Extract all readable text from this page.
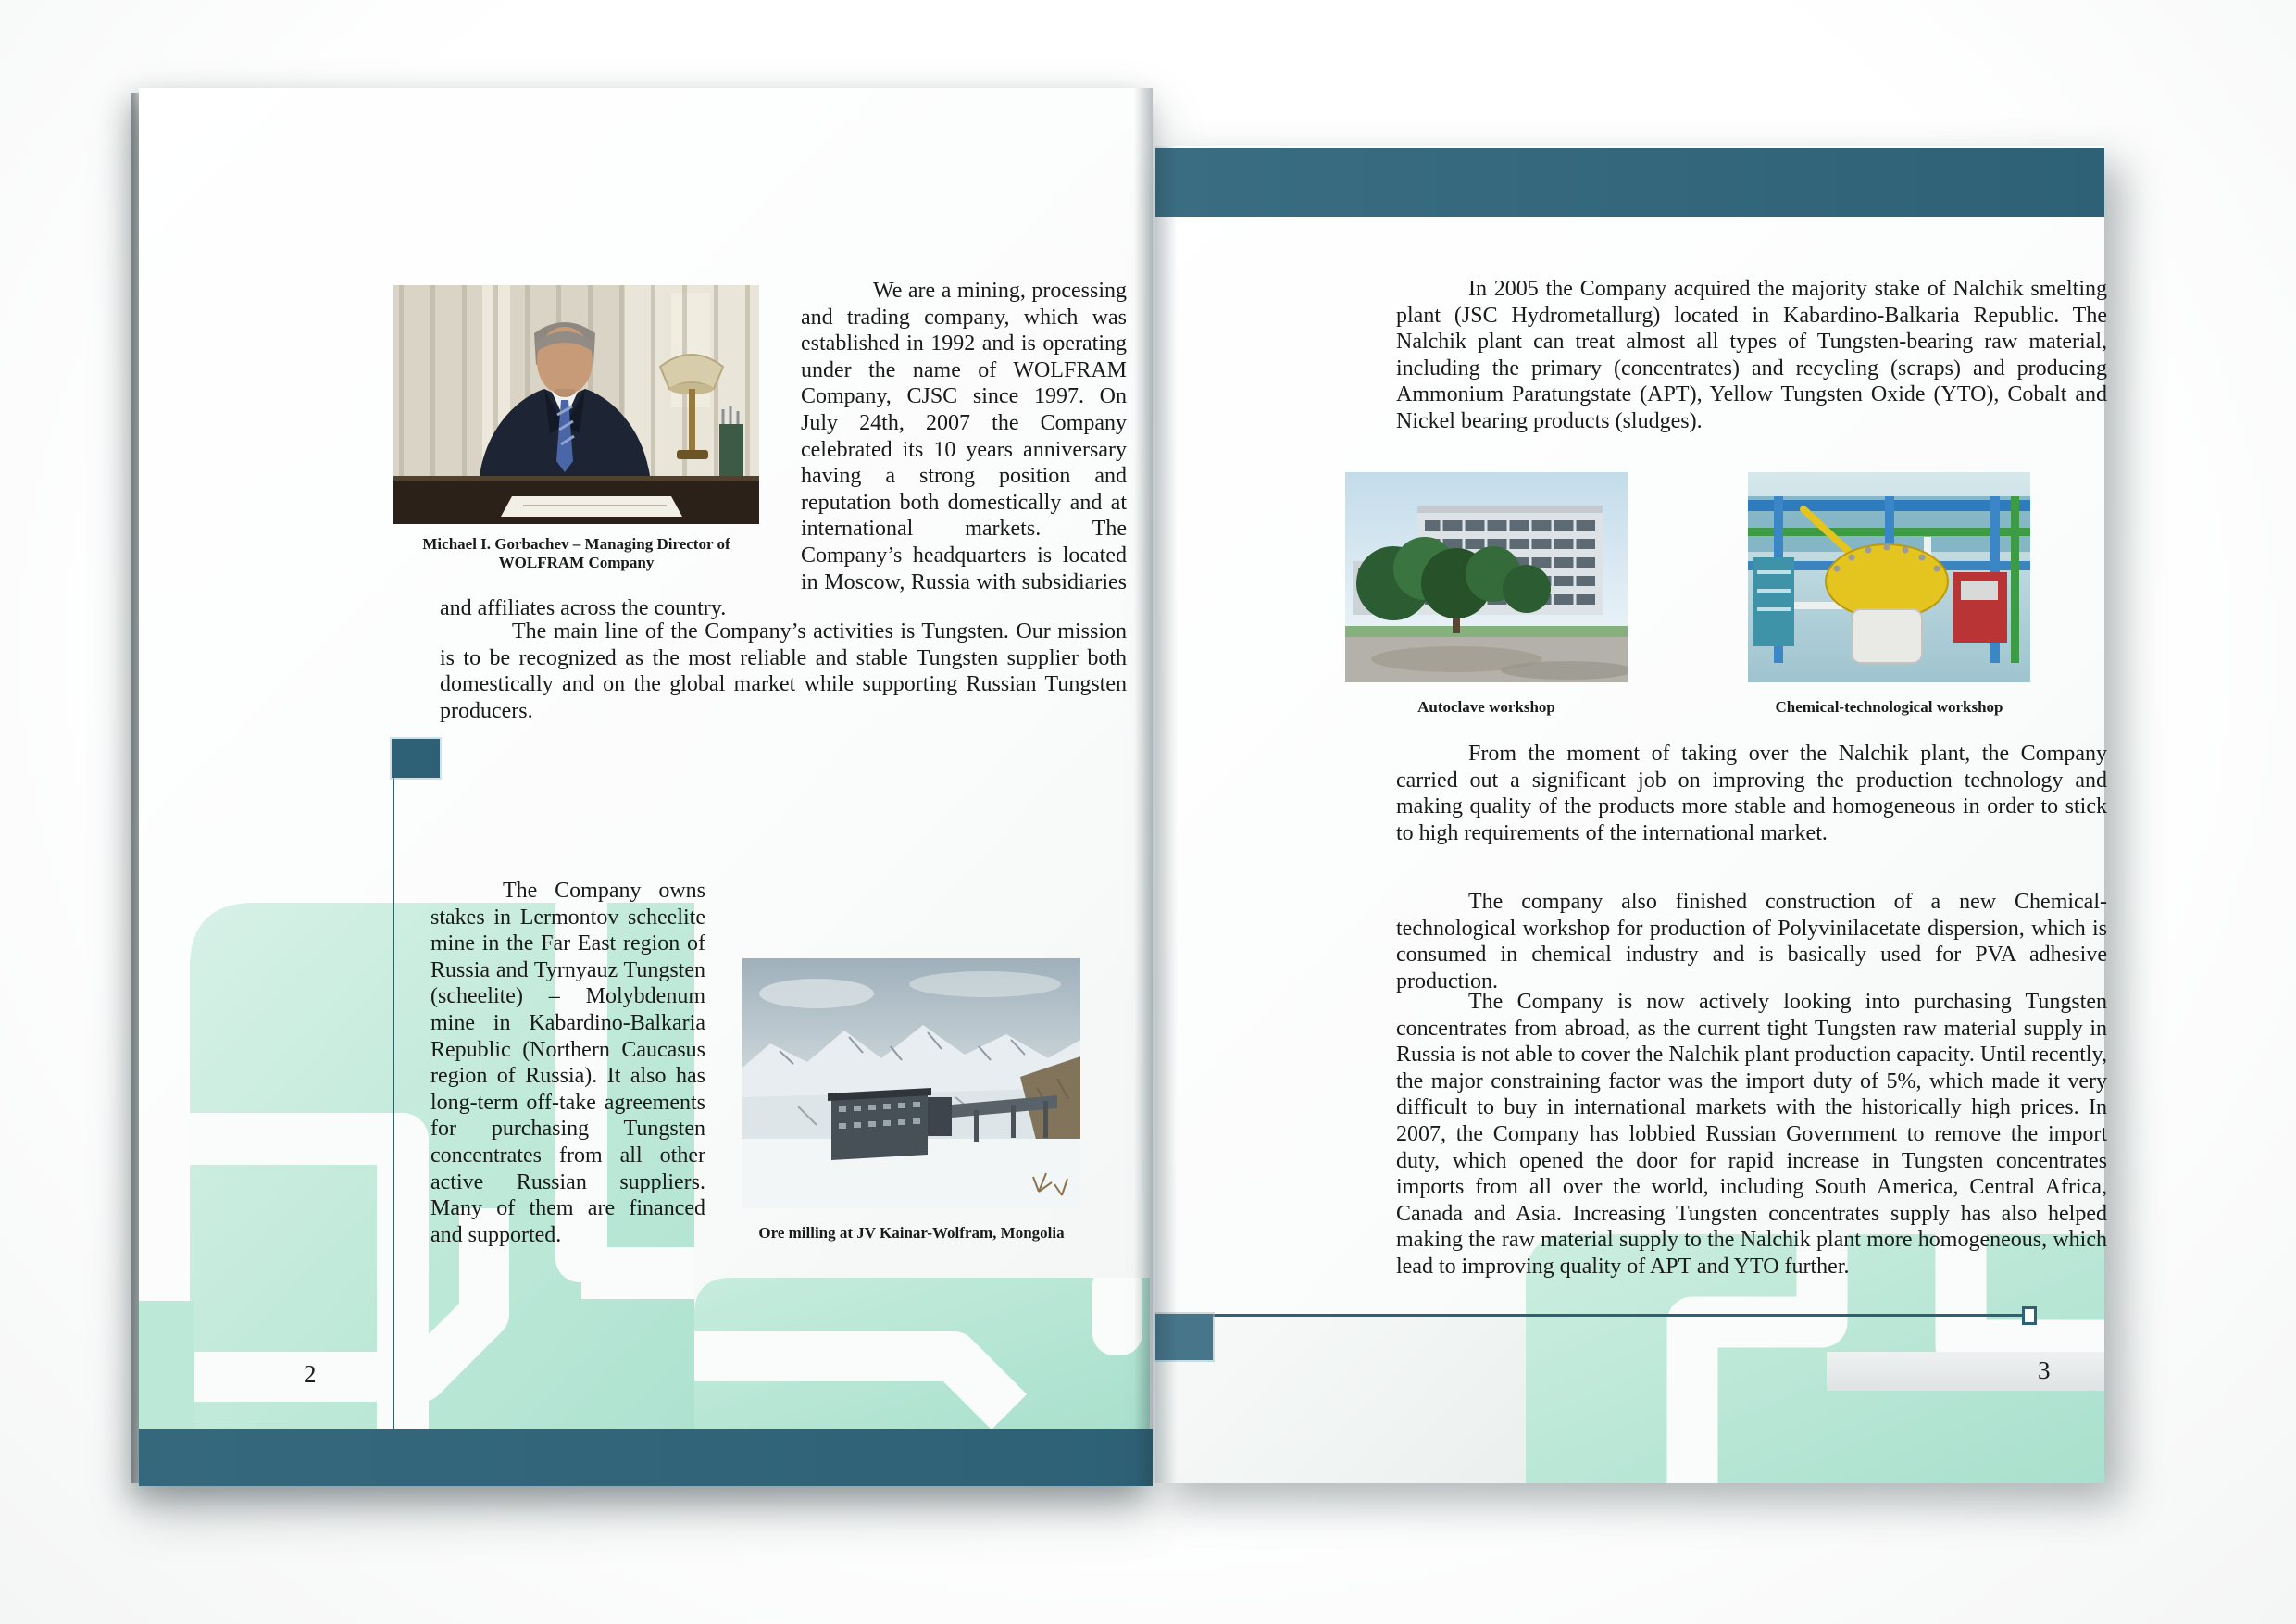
Michael I. Gorbachev – Managing Director of WOLFRAM Company
We are a mining, processing and trading company, which was established in 1992 and is operating under the name of WOLFRAM Company, CJSC since 1997. On July 24th, 2007 the Company celebrated its 10 years anniversary having a strong position and reputation both domestically and at international markets. The Company’s headquarters is located in Moscow, Russia with subsidiaries and affiliates across the country.
The main line of the Company’s activities is Tungsten. Our mission is to be recognized as the most reliable and stable Tungsten supplier both domestically and on the global market while supporting Russian Tungsten producers.
Ore milling at JV Kainar-Wolfram, Mongolia
The Company owns stakes in Lermontov scheelite mine in the Far East region of Russia and Tyrnyauz Tungsten (scheelite) – Molybdenum mine in Kabardino-Balkaria Republic (Northern Caucasus region of Russia). It also has long-term off-take agreements for purchasing Tungsten concentrates from all other active Russian suppliers. Many of them are financed and supported.
2	3
In 2005 the Company acquired the majority stake of Nalchik smelting plant (JSC Hydrometallurg) located in Kabardino-Balkaria Republic. The Nalchik plant can treat almost all types of Tungsten-bearing raw material, including the primary (concentrates) and recycling (scraps) and producing Ammonium Paratungstate (APT), Yellow Tungsten Oxide (YTO), Cobalt and Nickel bearing products (sludges).
Autoclave workshop	Chemical-technological workshop
From the moment of taking over the Nalchik plant, the Company carried out a significant job on improving the production technology and making quality of the products more stable and homogeneous in order to stick to high requirements of the international market.
The company also finished construction of a new Chemical-technological workshop for production of Polyvinilacetate dispersion, which is consumed in chemical industry and is basically used for PVA adhesive production.
The Company is now actively looking into purchasing Tungsten concentrates from abroad, as the current tight Tungsten raw material supply in Russia is not able to cover the Nalchik plant production capacity. Until recently, the major constraining factor was the import duty of 5%, which made it very difficult to buy in international markets with the historically high prices. In 2007, the Company has lobbied Russian Government to remove the import duty, which opened the door for rapid increase in Tungsten concentrates imports from all over the world, including South America, Central Africa, Canada and Asia. Increasing Tungsten concentrates supply has also helped making the raw material supply to the Nalchik plant more homogeneous, which lead to improving quality of APT and YTO further.
